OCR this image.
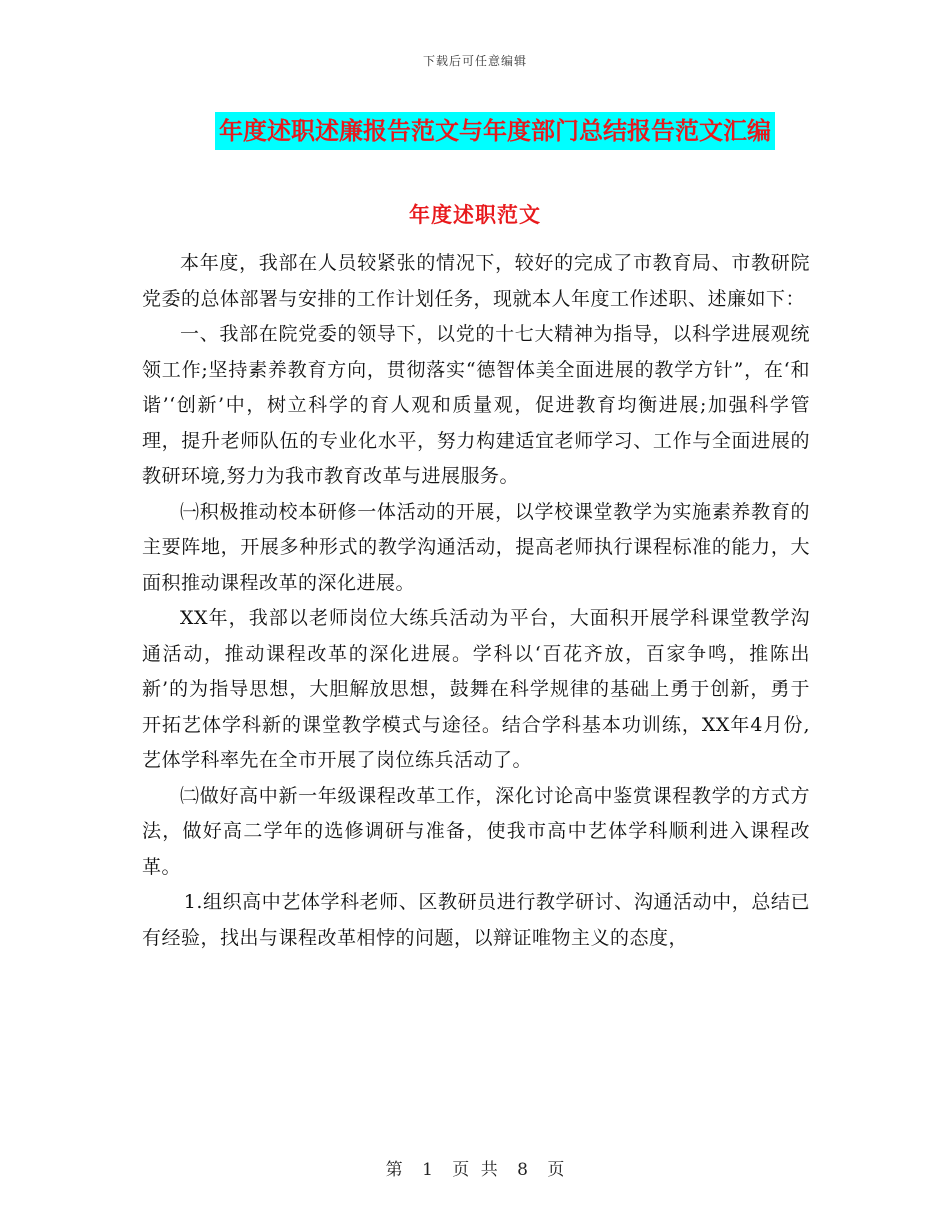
下载后可任意编辑
年度述职述廉报告范文与年度部门总结报告范文汇编
年度述职范文

本年度，我部在人员较紧张的情况下，较好的完成了市教育局、市教研院党委的总体部署与安排的工作计划任务，现就本人年度工作述职、述廉如下：

一、我部在院党委的领导下，以党的十七大精神为指导，以科学进展观统领工作;坚持素养教育方向，贯彻落实“德智体美全面进展的教学方针”，在‘和谐’‘创新’中，树立科学的育人观和质量观，促进教育均衡进展;加强科学管理，提升老师队伍的专业化水平，努力构建适宜老师学习、工作与全面进展的教研环境,努力为我市教育改革与进展服务。

㈠积极推动校本研修一体活动的开展，以学校课堂教学为实施素养教育的主要阵地，开展多种形式的教学沟通活动，提高老师执行课程标准的能力，大面积推动课程改革的深化进展。

XX年，我部以老师岗位大练兵活动为平台，大面积开展学科课堂教学沟通活动，推动课程改革的深化进展。学科以‘百花齐放，百家争鸣，推陈出新’的为指导思想，大胆解放思想，鼓舞在科学规律的基础上勇于创新，勇于开拓艺体学科新的课堂教学模式与途径。结合学科基本功训练，XX年4月份,艺体学科率先在全市开展了岗位练兵活动了。

㈡做好高中新一年级课程改革工作，深化讨论高中鉴赏课程教学的方式方法，做好高二学年的选修调研与准备，使我市高中艺体学科顺利进入课程改革。

1.组织高中艺体学科老师、区教研员进行教学研讨、沟通活动中，总结已有经验，找出与课程改革相悖的问题，以辩证唯物主义的态度，

第 1 页 共 8 页
